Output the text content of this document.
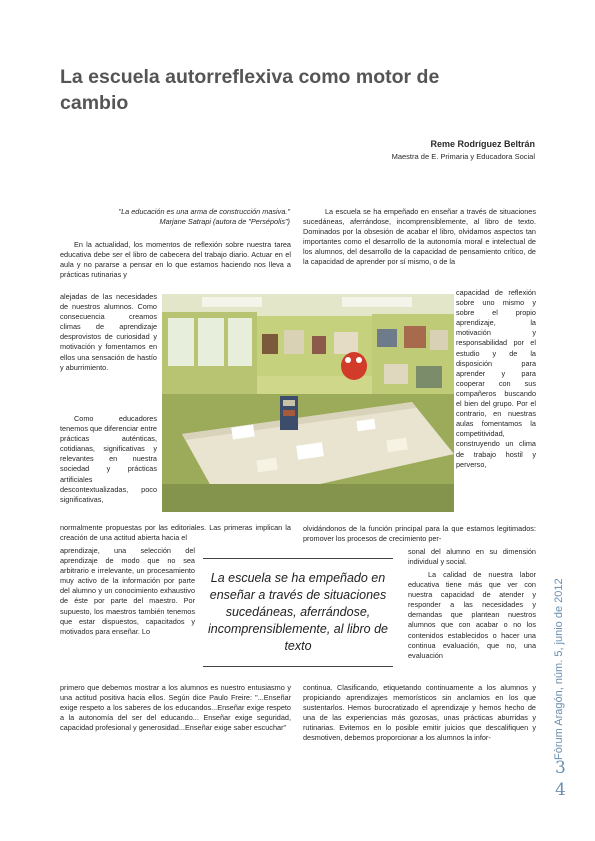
La escuela autorreflexiva como motor de cambio
Reme Rodríguez Beltrán
Maestra de E. Primaria y Educadora Social
"La educación es una arma de construcción masiva."
Marjane Satrapi (autora de "Persépolis")

En la actualidad, los momentos de reflexión sobre nuestra tarea educativa debe ser el libro de cabecera del trabajo diario. Actuar en el aula y no pararse a pensar en lo que estamos haciendo nos lleva a prácticas rutinarias y

alejadas de las necesidades de nuestros alumnos. Como consecuencia creamos climas de aprendizaje desprovistos de curiosidad y motivación y fomentamos en ellos una sensación de hastío y aburrimiento.

Como educadores tenemos que diferenciar entre prácticas auténticas, cotidianas, significativas y relevantes en nuestra sociedad y prácticas artificiales descontextualizadas, poco significativas,

normalmente propuestas por las editoriales. Las primeras implican la creación de una actitud abierta hacia el

aprendizaje, una selección del aprendizaje de modo que no sea arbitrario e irrelevante, un procesamiento muy activo de la información por parte del alumno y un conocimiento exhaustivo de éste por parte del maestro. Por supuesto, los maestros también tenemos que estar dispuestos, capacitados y motivados para enseñar. Lo

primero que debemos mostrar a los alumnos es nuestro entusiasmo y una actitud positiva hacia ellos. Según dice Paulo Freire: "...Enseñar exige respeto a los saberes de los educandos...Enseñar exige respeto a la autonomía del ser del educando... Enseñar exige seguridad, capacidad profesional y generosidad...Enseñar exige saber escuchar"

La escuela se ha empeñado en enseñar a través de situaciones sucedáneas, aferrándose, incomprensiblemente, al libro de texto. Dominados por la obsesión de acabar el libro, olvidamos aspectos tan importantes como el desarrollo de la autonomía moral e intelectual de los alumnos, del desarrollo de la capacidad de pensamiento crítico, de la capacidad de aprender por sí mismo, o de la

capacidad de reflexión sobre uno mismo y sobre el propio aprendizaje, la motivación y responsabilidad por el estudio y de la disposición para aprender y para cooperar con sus compañeros buscando el bien del grupo. Por el contrario, en nuestras aulas fomentamos la competitividad, construyendo un clima de trabajo hostil y perverso,

olvidándonos de la función principal para la que estamos legitimados: promover los procesos de crecimiento per-

sonal del alumno en su dimensión individual y social.

La calidad de nuestra labor educativa tiene más que ver con nuestra capacidad de atender y responder a las necesidades y demandas que plantean nuestros alumnos que con acabar o no los contenidos establecidos o hacer una continua evaluación, que no, una evaluación

continua. Clasificando, etiquetando continuamente a los alumnos y propiciando aprendizajes memorísticos sin anclamios en los que sustentarlos. Hemos burocratizado el aprendizaje y hemos hecho de una de las experiencias más gozosas, unas prácticas aburridas y rutinarias. Evitemos en lo posible emitir juicios que descalifiquen y desmotiven, debemos proporcionar a los alumnos la infor-

La escuela se ha empeñado en enseñar a través de situaciones sucedáneas, aferrándose, incomprensiblemente, al libro de texto	Fòrum Aragón, núm. 5, junio de 2012
3
4
